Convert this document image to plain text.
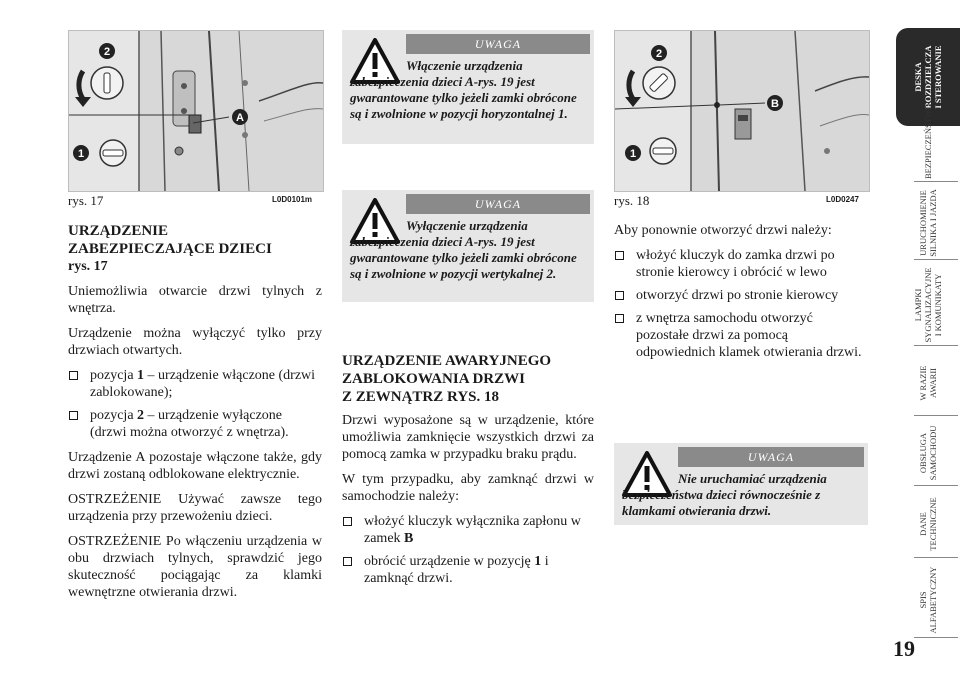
2
1
A
rys. 17	L0D0101m
URZĄDZENIE
ZABEZPIECZAJĄCE DZIECI
rys. 17

Uniemożliwia otwarcie drzwi tylnych z wnętrza.

Urządzenie można wyłączyć tylko przy drzwiach otwartych.

pozycja 1 – urządzenie włączone (drzwi zablokowane);
pozycja 2 – urządzenie wyłączone (drzwi można otworzyć z wnętrza).

Urządzenie A pozostaje włączone także, gdy drzwi zostaną odblokowane elektrycznie.

OSTRZEŻENIE Używać zawsze tego urządzenia przy przewożeniu dzieci.

OSTRZEŻENIE Po włączeniu urządzenia w obu drzwiach tylnych, sprawdzić jego skuteczność pociągając za klamki wewnętrzne otwierania drzwi.

UWAGA
Włączenie urządzenia zabezpieczenia dzieci A-rys. 19 jest gwarantowane tylko jeżeli zamki obrócone są i zwolnione w pozycji horyzontalnej 1.
UWAGA
Wyłączenie urządzenia zabezpieczenia dzieci A-rys. 19 jest gwarantowane tylko jeżeli zamki obrócone są i zwolnione w pozycji wertykalnej 2.
URZĄDZENIE AWARYJNEGO
ZABLOKOWANIA DRZWI
Z ZEWNĄTRZ RYS. 18

Drzwi wyposażone są w urządzenie, które umożliwia zamknięcie wszystkich drzwi za pomocą zamka w przypadku braku prądu.

W tym przypadku, aby zamknąć drzwi w samochodzie należy:

włożyć kluczyk wyłącznika zapłonu w zamek B
obrócić urządzenie w pozycję 1 i zamknąć drzwi.
2
B
1
rys. 18	L0D0247

Aby ponownie otworzyć drzwi należy:

włożyć kluczyk do zamka drzwi po stronie kierowcy i obrócić w lewo
otworzyć drzwi po stronie kierowcy
z wnętrza samochodu otworzyć pozostałe drzwi za pomocą odpowiednich klamek otwierania drzwi.
UWAGA
Nie uruchamiać urządzenia bezpieczeństwa dzieci równocześnie z klamkami otwierania drzwi.
DESKA ROZDZIELCZA I STEROWANIE
BEZPIECZEŃSTWO
URUCHOMIENIE SILNIKA I JAZDA
LAMPKI SYGNALIZACYJNE I KOMUNIKATY
W RAZIE AWARII
OBSŁUGA SAMOCHODU
DANE TECHNICZNE
SPIS ALFABETYCZNY
19
